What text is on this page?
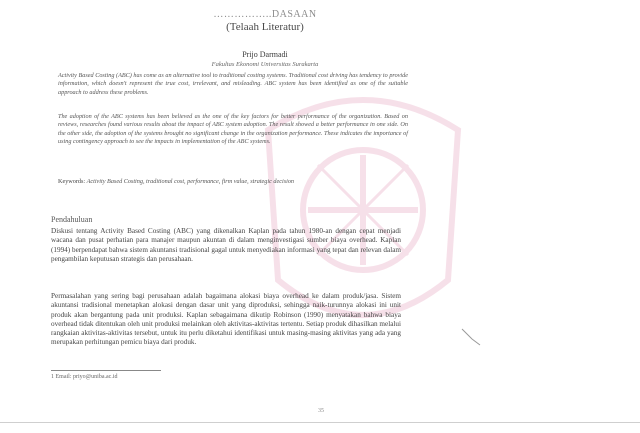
……………..DASAAN
(Telaah Literatur)
Prijo Darmadi
Fakultas Ekonomi Universitas Surakarta
Activity Based Costing (ABC) has come as an alternative tool to traditional costing systems. Traditional cost driving has tendency to provide information, which doesn't represent the true cost, irrelevant, and misleading. ABC system has been identified as one of the suitable approach to address these problems.
The adoption of the ABC systems has been believed as the one of the key factors for better performance of the organization. Based on reviews, researches found various results about the impact of ABC system adoption. The result showed a better performance in one side. On the other side, the adoption of the systems brought no significant change in the organization performance. These indicates the importance of using contingency approach to see the impacts in implementation of the ABC systems.
Keywords: Activity Based Costing, traditional cost, performance, firm value, strategic decision
Pendahuluan
Diskusi tentang Activity Based Costing (ABC) yang dikenalkan Kaplan pada tahun 1980-an dengan cepat menjadi wacana dan pusat perhatian para manajer maupun akuntan di dalam menginvestigasi sumber biaya overhead. Kaplan (1994) berpendapat bahwa sistem akuntansi tradisional gagal untuk menyediakan informasi yang tepat dan relevan dalam pengambilan keputusan strategis dan perusahaan.
Permasalahan yang sering bagi perusahaan adalah bagaimana alokasi biaya overhead ke dalam produk/jasa. Sistem akuntansi tradisional menetapkan alokasi dengan dasar unit yang diproduksi, sehingga naik-turunnya alokasi ini unit produk akan bergantung pada unit produksi. Kaplan sebagaimana dikutip Robinson (1990) menyatakan bahwa biaya overhead tidak ditentukan oleh unit produksi melainkan oleh aktivitas-aktivitas tertentu. Setiap produk dihasilkan melalui rangkaian aktivitas-aktivitas tersebut, untuk itu perlu diketahui identifikasi untuk masing-masing aktivitas yang ada yang merupakan perhitungan pemicu biaya dari produk.
1 Email: priyo@uniba.ac.id
35
